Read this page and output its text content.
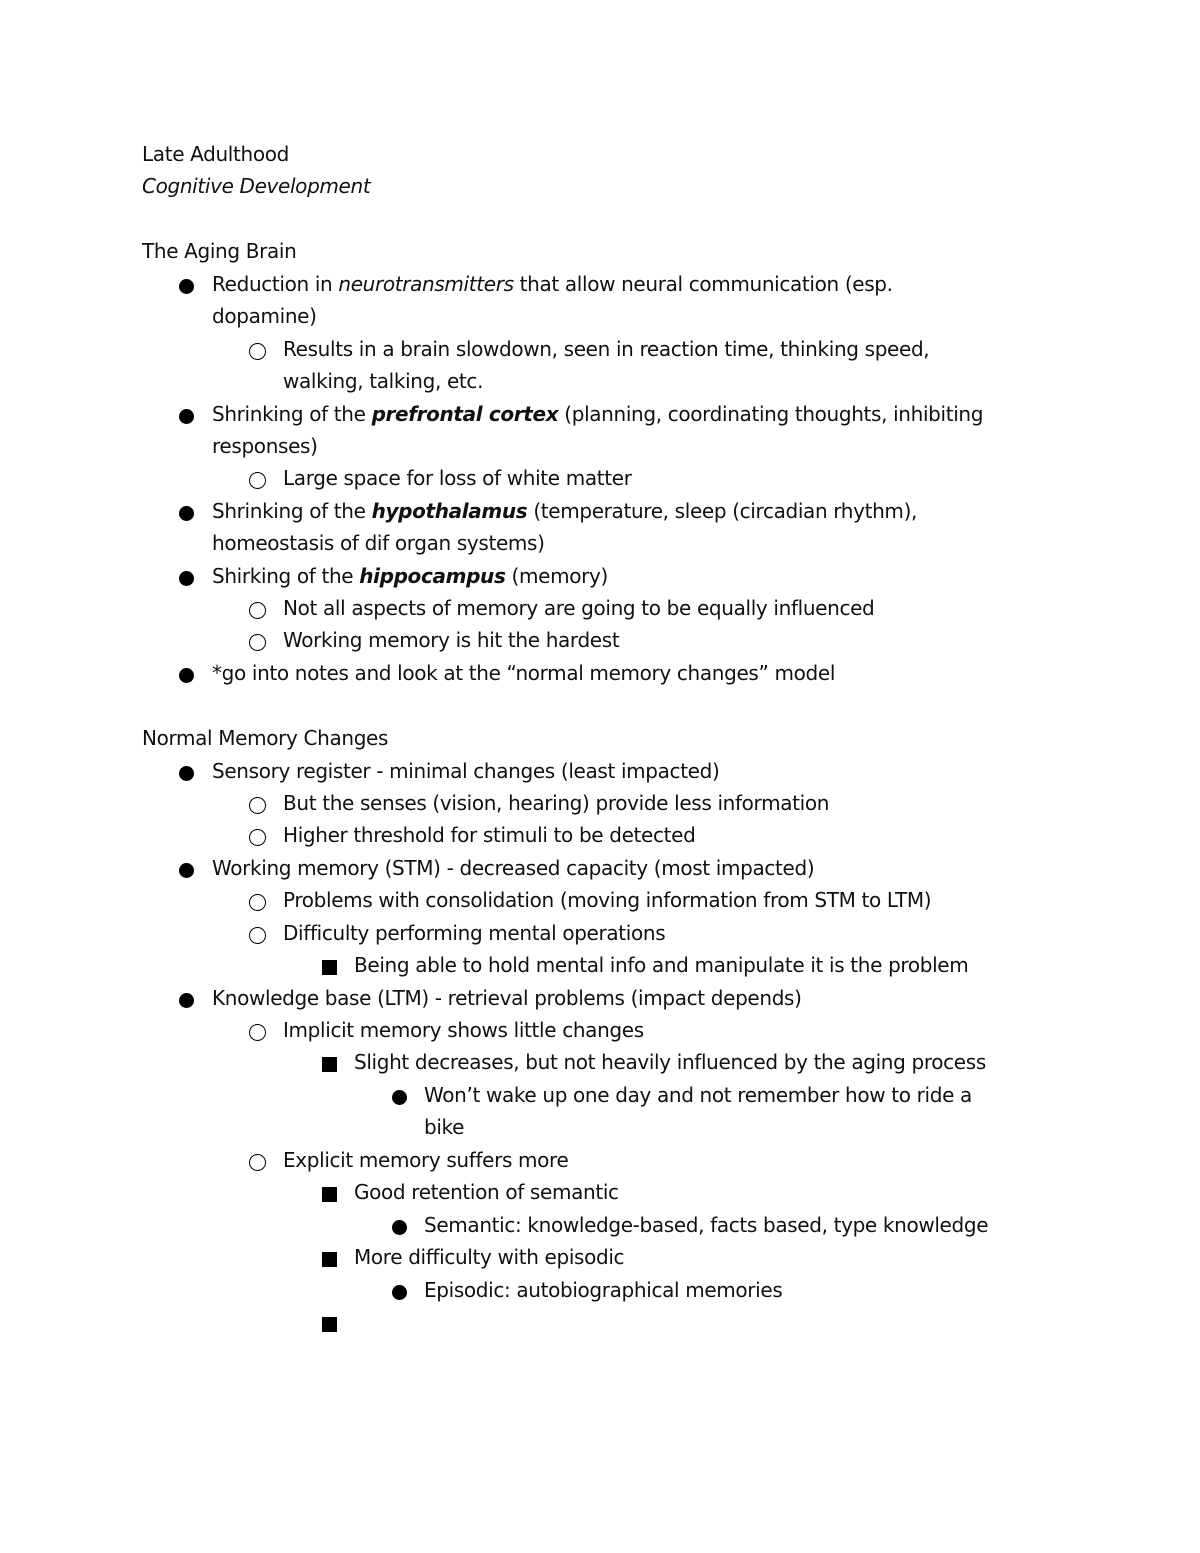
Late Adulthood
Cognitive Development
The Aging Brain
Reduction in neurotransmitters that allow neural communication (esp.
dopamine)
Results in a brain slowdown, seen in reaction time, thinking speed,
walking, talking, etc.
Shrinking of the prefrontal cortex (planning, coordinating thoughts, inhibiting
responses)
Large space for loss of white matter
Shrinking of the hypothalamus (temperature, sleep (circadian rhythm),
homeostasis of dif organ systems)
Shirking of the hippocampus (memory)
Not all aspects of memory are going to be equally influenced
Working memory is hit the hardest
*go into notes and look at the “normal memory changes” model
Normal Memory Changes
Sensory register - minimal changes (least impacted)
But the senses (vision, hearing) provide less information
Higher threshold for stimuli to be detected
Working memory (STM) - decreased capacity (most impacted)
Problems with consolidation (moving information from STM to LTM)
Difficulty performing mental operations
Being able to hold mental info and manipulate it is the problem
Knowledge base (LTM) - retrieval problems (impact depends)
Implicit memory shows little changes
Slight decreases, but not heavily influenced by the aging process
Won’t wake up one day and not remember how to ride a
bike
Explicit memory suffers more
Good retention of semantic
Semantic: knowledge-based, facts based, type knowledge
More difficulty with episodic
Episodic: autobiographical memories
